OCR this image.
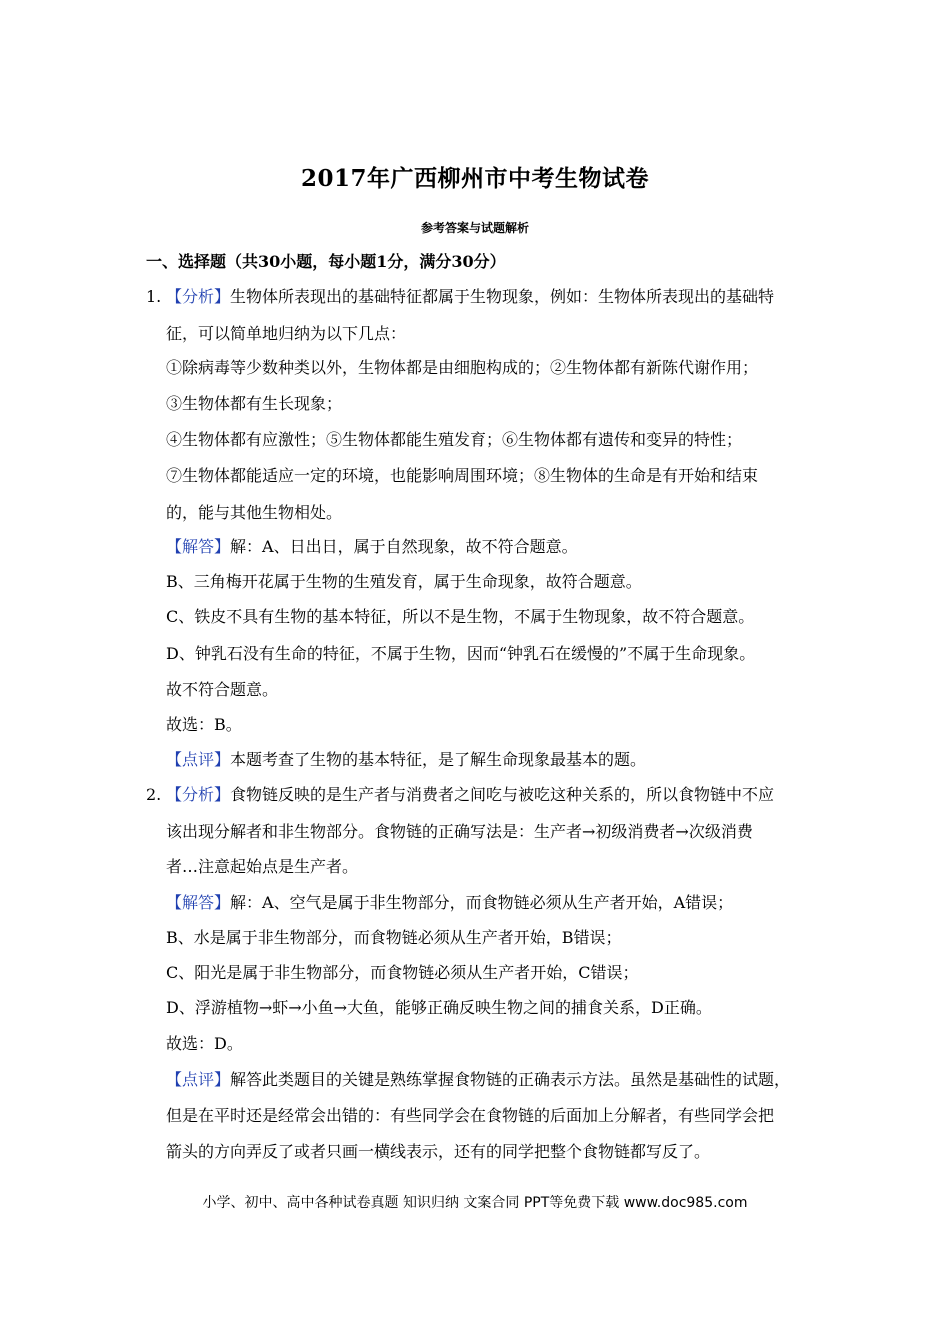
2017年广西柳州市中考生物试卷
参考答案与试题解析
一、选择题（共30小题，每小题1分，满分30分）
1. 【分析】生物体所表现出的基础特征都属于生物现象，例如：生物体所表现出的基础特
征，可以简单地归纳为以下几点：
①除病毒等少数种类以外，生物体都是由细胞构成的；②生物体都有新陈代谢作用；
③生物体都有生长现象；
④生物体都有应激性；⑤生物体都能生殖发育；⑥生物体都有遗传和变异的特性；
⑦生物体都能适应一定的环境，也能影响周围环境；⑧生物体的生命是有开始和结束
的，能与其他生物相处。
【解答】解：A、日出日，属于自然现象，故不符合题意。
B、三角梅开花属于生物的生殖发育，属于生命现象，故符合题意。
C、铁皮不具有生物的基本特征，所以不是生物，不属于生物现象，故不符合题意。
D、钟乳石没有生命的特征，不属于生物，因而“钟乳石在缓慢的”不属于生命现象。
故不符合题意。
故选：B。
【点评】本题考查了生物的基本特征，是了解生命现象最基本的题。
2. 【分析】食物链反映的是生产者与消费者之间吃与被吃这种关系的，所以食物链中不应
该出现分解者和非生物部分。食物链的正确写法是：生产者→初级消费者→次级消费
者…注意起始点是生产者。
【解答】解：A、空气是属于非生物部分，而食物链必须从生产者开始，A错误；
B、水是属于非生物部分，而食物链必须从生产者开始，B错误；
C、阳光是属于非生物部分，而食物链必须从生产者开始，C错误；
D、浮游植物→虾→小鱼→大鱼，能够正确反映生物之间的捕食关系，D正确。
故选：D。
【点评】解答此类题目的关键是熟练掌握食物链的正确表示方法。虽然是基础性的试题，
但是在平时还是经常会出错的：有些同学会在食物链的后面加上分解者，有些同学会把
箭头的方向弄反了或者只画一横线表示，还有的同学把整个食物链都写反了。
小学、初中、高中各种试卷真题 知识归纳 文案合同 PPT等免费下载 www.doc985.com
